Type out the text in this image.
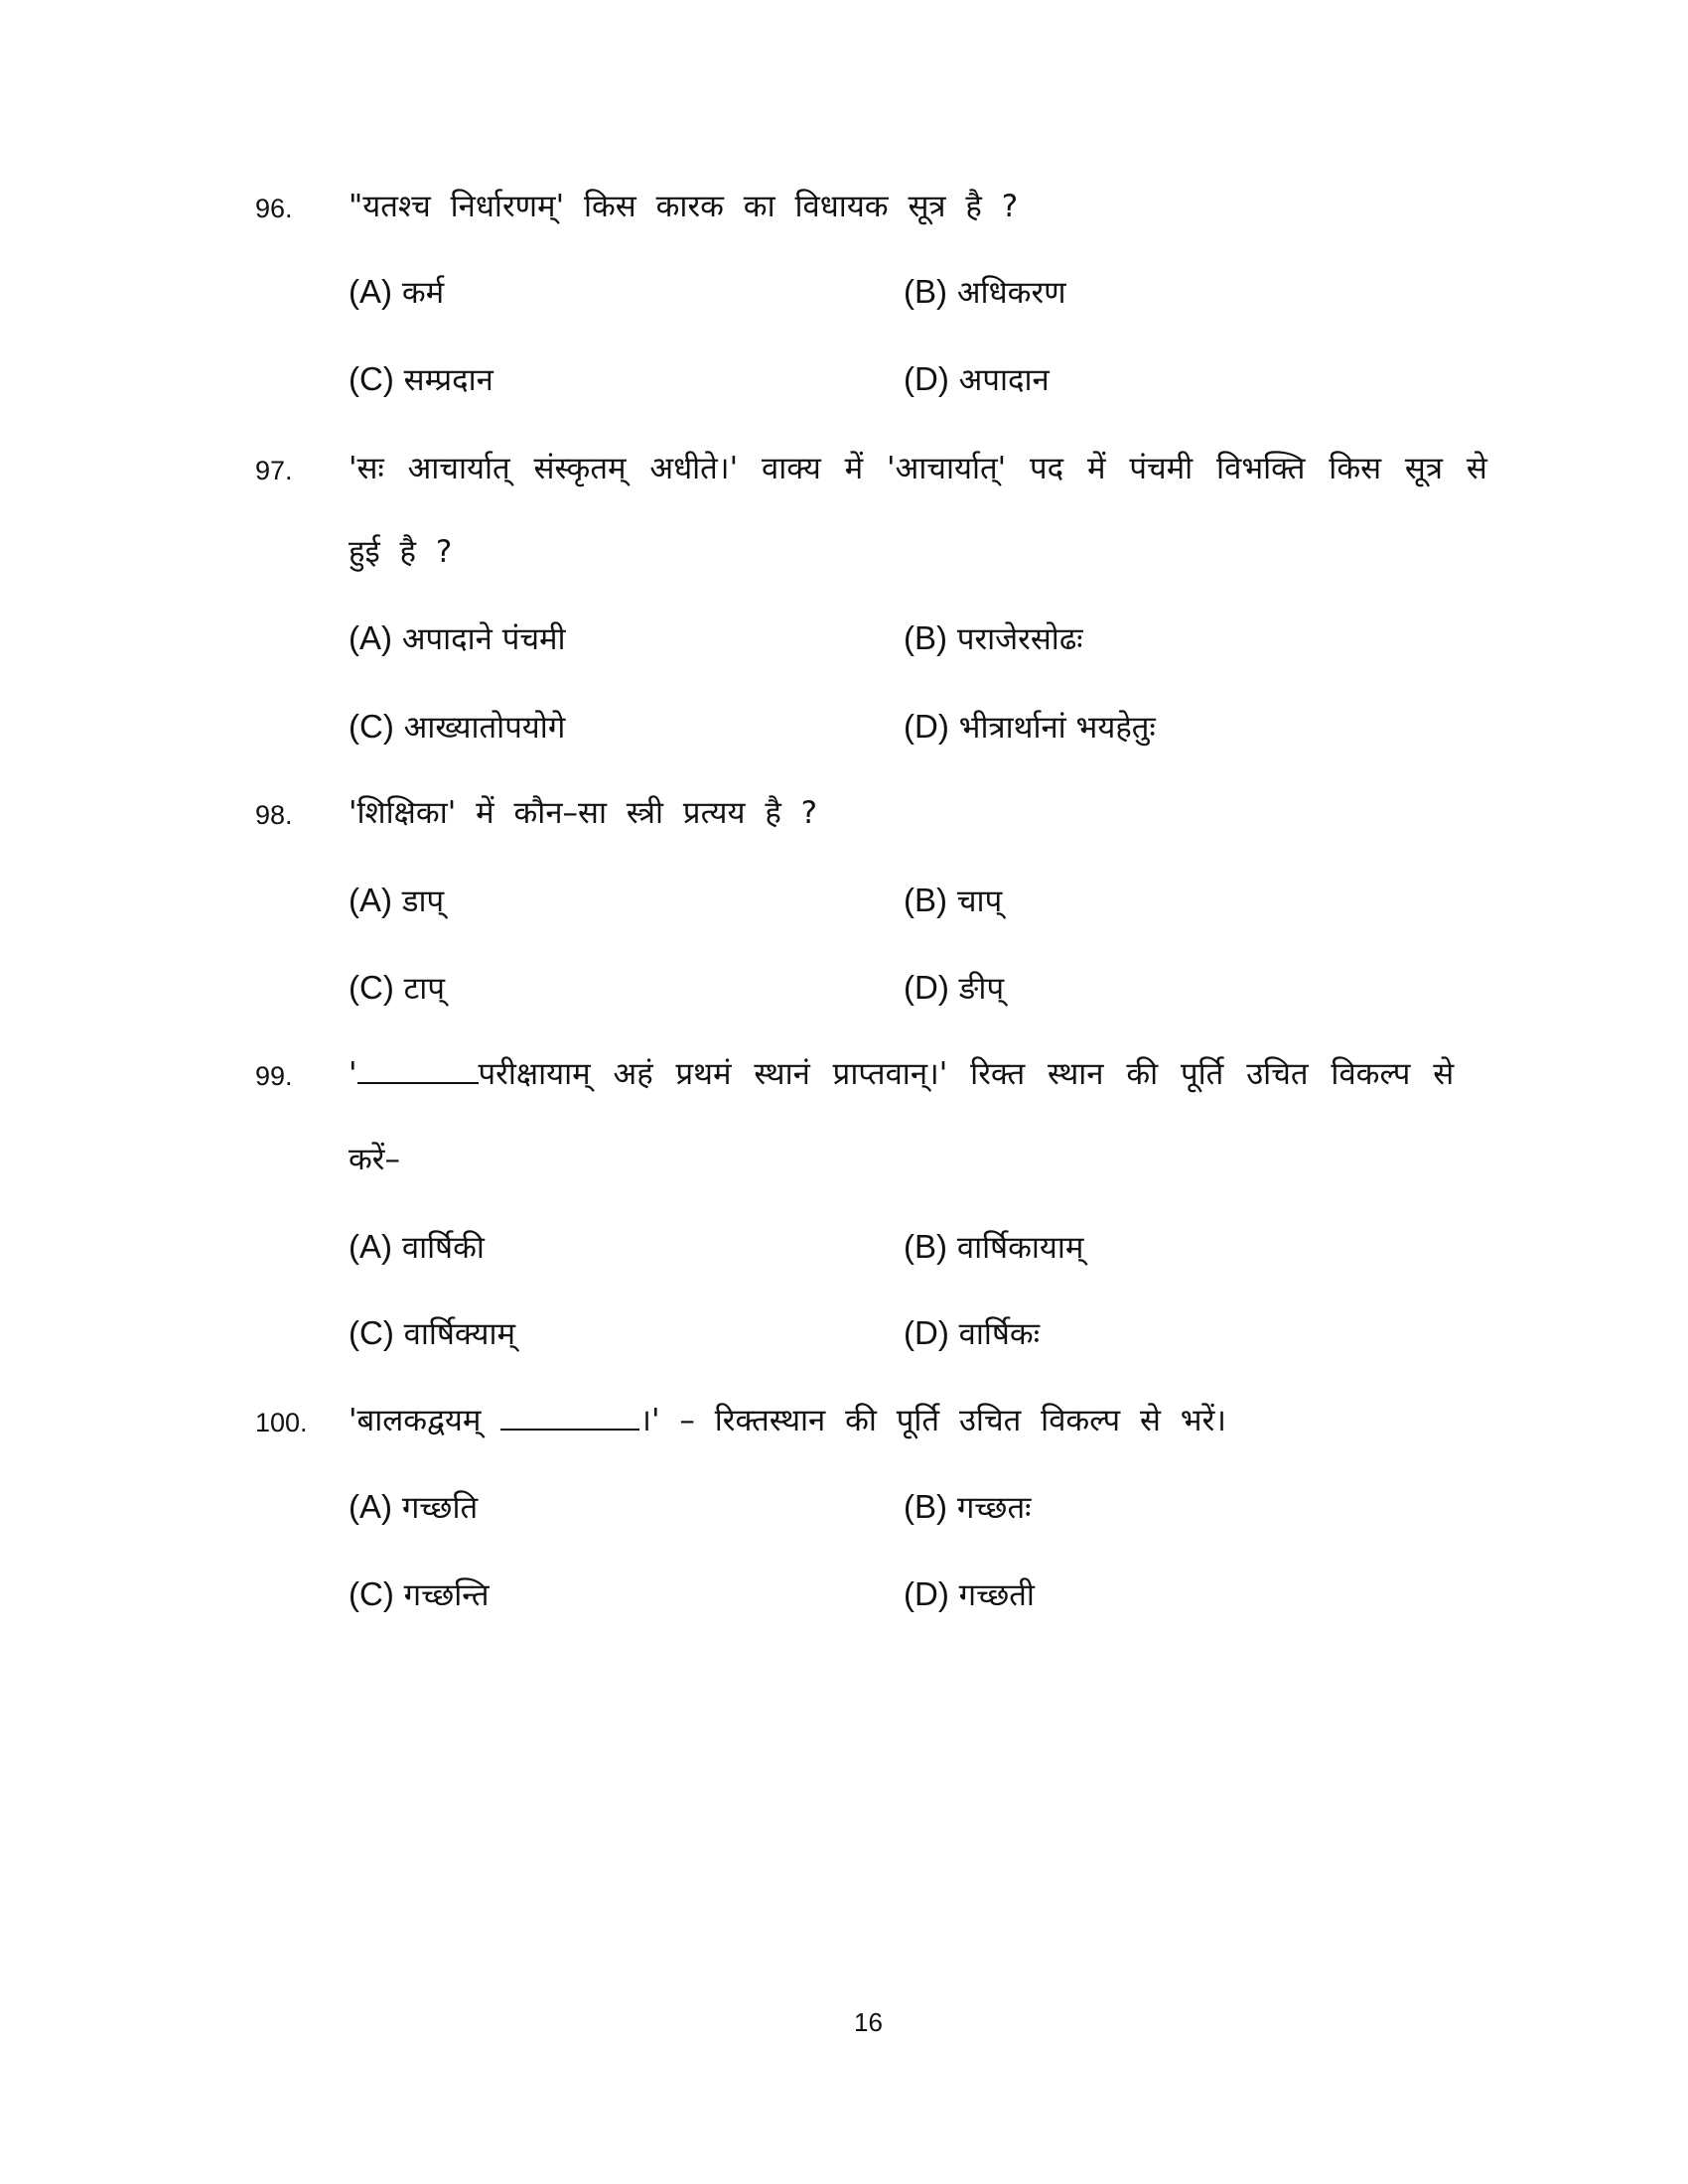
96. "यतश्च निर्धारणम्' किस कारक का विधायक सूत्र है ?
(A) कर्म	(B) अधिकरण
(C) सम्प्रदान	(D) अपादान
97. 'सः आचार्यात् संस्कृतम् अधीते।' वाक्य में 'आचार्यात्' पद में पंचमी विभक्ति किस सूत्र से
हुई है ?
(A) अपादाने पंचमी	(B) पराजेरसोढः
(C) आख्यातोपयोगे	(D) भीत्रार्थानां भयहेतुः
98. 'शिक्षिका' में कौन–सा स्त्री प्रत्यय है ?
(A) डाप्	(B) चाप्
(C) टाप्	(D) ङीप्
99. '	परीक्षायाम् अहं प्रथमं स्थानं प्राप्तवान्।' रिक्त स्थान की पूर्ति उचित विकल्प से
करें–
(A) वार्षिकी	(B) वार्षिकायाम्
(C) वार्षिक्याम्	(D) वार्षिकः
100. 'बालकद्वयम्	।' – रिक्तस्थान की पूर्ति उचित विकल्प से भरें।
(A) गच्छति	(B) गच्छतः
(C) गच्छन्ति	(D) गच्छती
16
